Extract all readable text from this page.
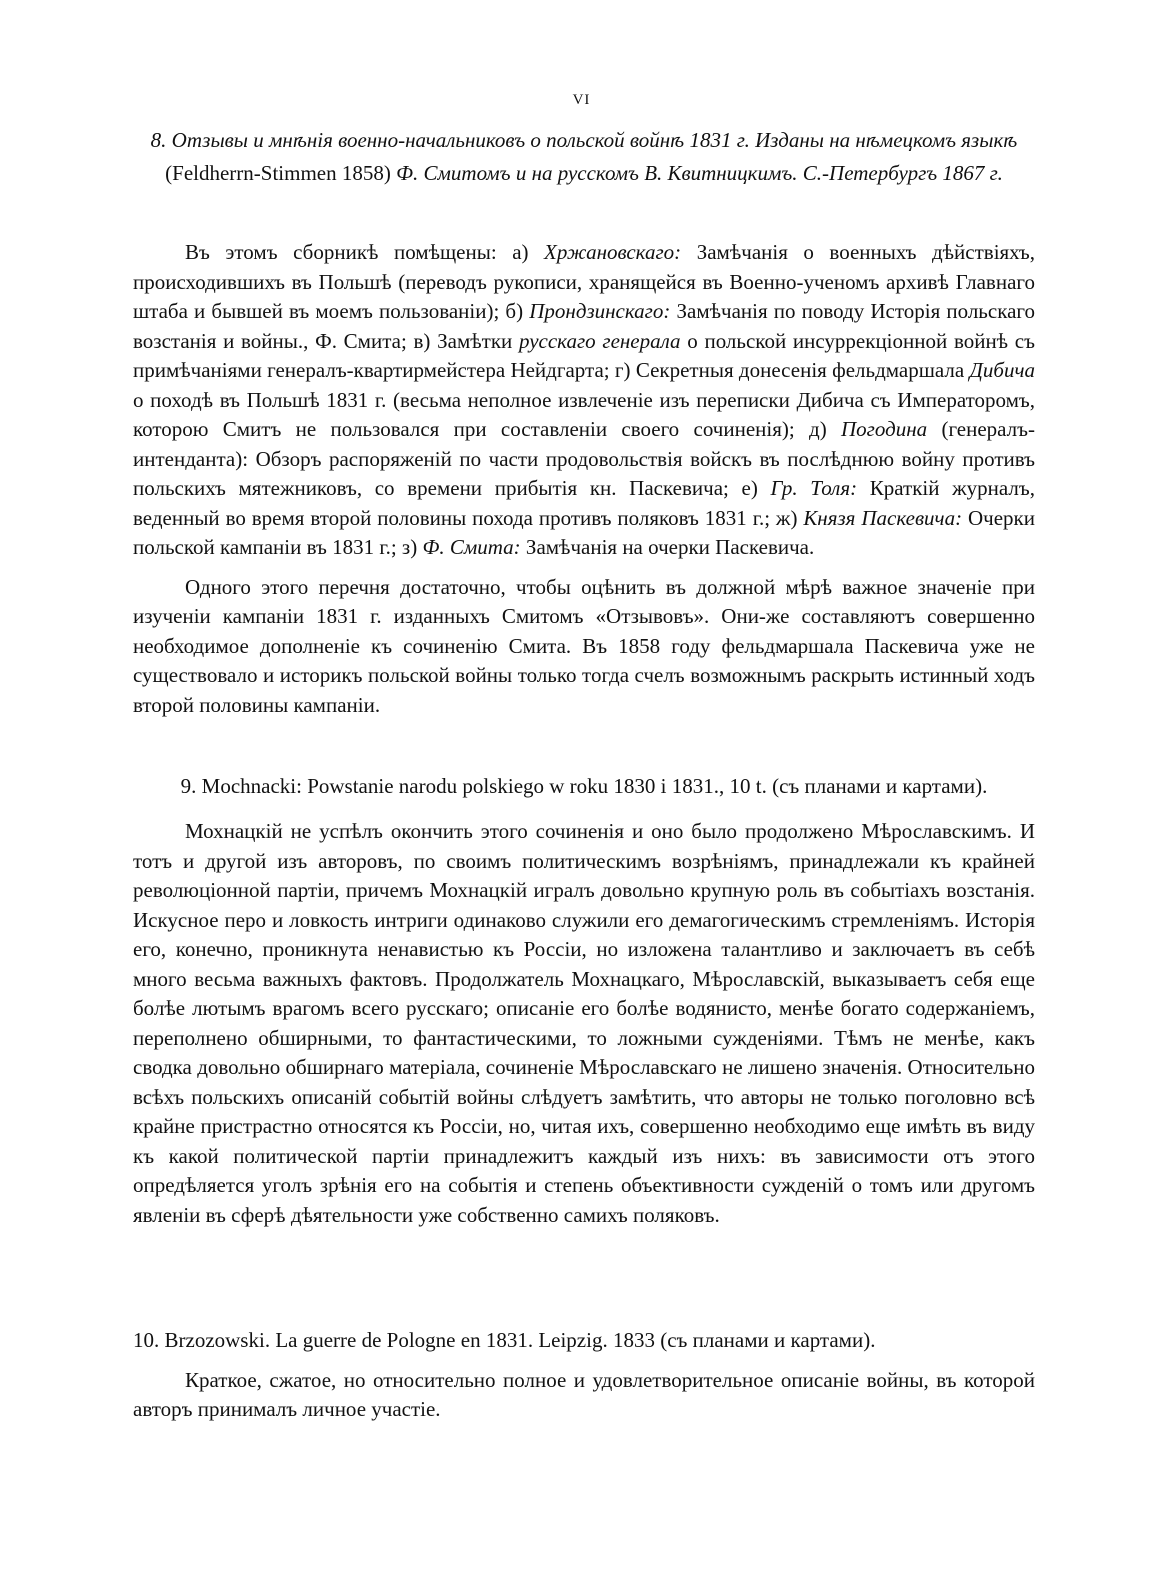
VI

8. Отзывы и мнѣнія военно-начальниковъ о польской войнѣ 1831 г. Изданы на нѣмецкомъ языкѣ (Feldherrn-Stimmen 1858) Ф. Смитомъ и на русскомъ В. Квитницкимъ. С.-Петербургъ 1867 г.

Въ этомъ сборникѣ помѣщены: а) Хржановскаго: Замѣчанія о военныхъ дѣйствіяхъ, происходившихъ въ Польшѣ (переводъ рукописи, хранящейся въ Военно-ученомъ архивѣ Главнаго штаба и бывшей въ моемъ пользованіи); б) Прондзинскаго: Замѣчанія по поводу Исторія польскаго возстанія и войны., Ф. Смита; в) Замѣтки русскаго генерала о польской инсуррекціонной войнѣ съ примѣчаніями генералъ-квартирмейстера Нейдгарта; г) Секретныя донесенія фельдмаршала Дибича о походѣ въ Польшѣ 1831 г. (весьма неполное извлеченіе изъ переписки Дибича съ Императоромъ, которою Смитъ не пользовался при составленіи своего сочиненія); д) Погодина (генералъ-интенданта): Обзоръ распоряженій по части продовольствія войскъ въ послѣднюю войну противъ польскихъ мятежниковъ, со времени прибытія кн. Паскевича; е) Гр. Толя: Краткій журналъ, веденный во время второй половины похода противъ поляковъ 1831 г.; ж) Князя Паскевича: Очерки польской кампаніи въ 1831 г.; з) Ф. Смита: Замѣчанія на очерки Паскевича.

Одного этого перечня достаточно, чтобы оцѣнить въ должной мѣрѣ важное значеніе при изученіи кампаніи 1831 г. изданныхъ Смитомъ «Отзывовъ». Они-же составляютъ совершенно необходимое дополненіе къ сочиненію Смита. Въ 1858 году фельдмаршала Паскевича уже не существовало и историкъ польской войны только тогда счелъ возможнымъ раскрыть истинный ходъ второй половины кампаніи.

9. Mochnacki: Powstanie narodu polskiego w roku 1830 i 1831., 10 t. (съ планами и картами).

Мохнацкій не успѣлъ окончить этого сочиненія и оно было продолжено Мѣрославскимъ. И тотъ и другой изъ авторовъ, по своимъ политическимъ возрѣніямъ, принадлежали къ крайней революціонной партіи, причемъ Мохнацкій игралъ довольно крупную роль въ событіахъ возстанія. Искусное перо и ловкость интриги одинаково служили его демагогическимъ стремленіямъ. Исторія его, конечно, проникнута ненавистью къ Россіи, но изложена талантливо и заключаетъ въ себѣ много весьма важныхъ фактовъ. Продолжатель Мохнацкаго, Мѣрославскій, выказываетъ себя еще болѣе лютымъ врагомъ всего русскаго; описаніе его болѣе водянисто, менѣе богато содержаніемъ, переполнено обширными, то фантастическими, то ложными сужденіями. Тѣмъ не менѣе, какъ сводка довольно обширнаго матеріала, сочиненіе Мѣрославскаго не лишено значенія. Относительно всѣхъ польскихъ описаній событій войны слѣдуетъ замѣтить, что авторы не только поголовно всѣ крайне пристрастно относятся къ Россіи, но, читая ихъ, совершенно необходимо еще имѣть въ виду къ какой политической партіи принадлежитъ каждый изъ нихъ: въ зависимости отъ этого опредѣляется уголъ зрѣнія его на событія и степень объективности сужденій о томъ или другомъ явленіи въ сферѣ дѣятельности уже собственно самихъ поляковъ.

10. Brzozowski. La guerre de Pologne en 1831. Leipzig. 1833 (съ планами и картами).

Краткое, сжатое, но относительно полное и удовлетворительное описаніе войны, въ которой авторъ принималъ личное участіе.
